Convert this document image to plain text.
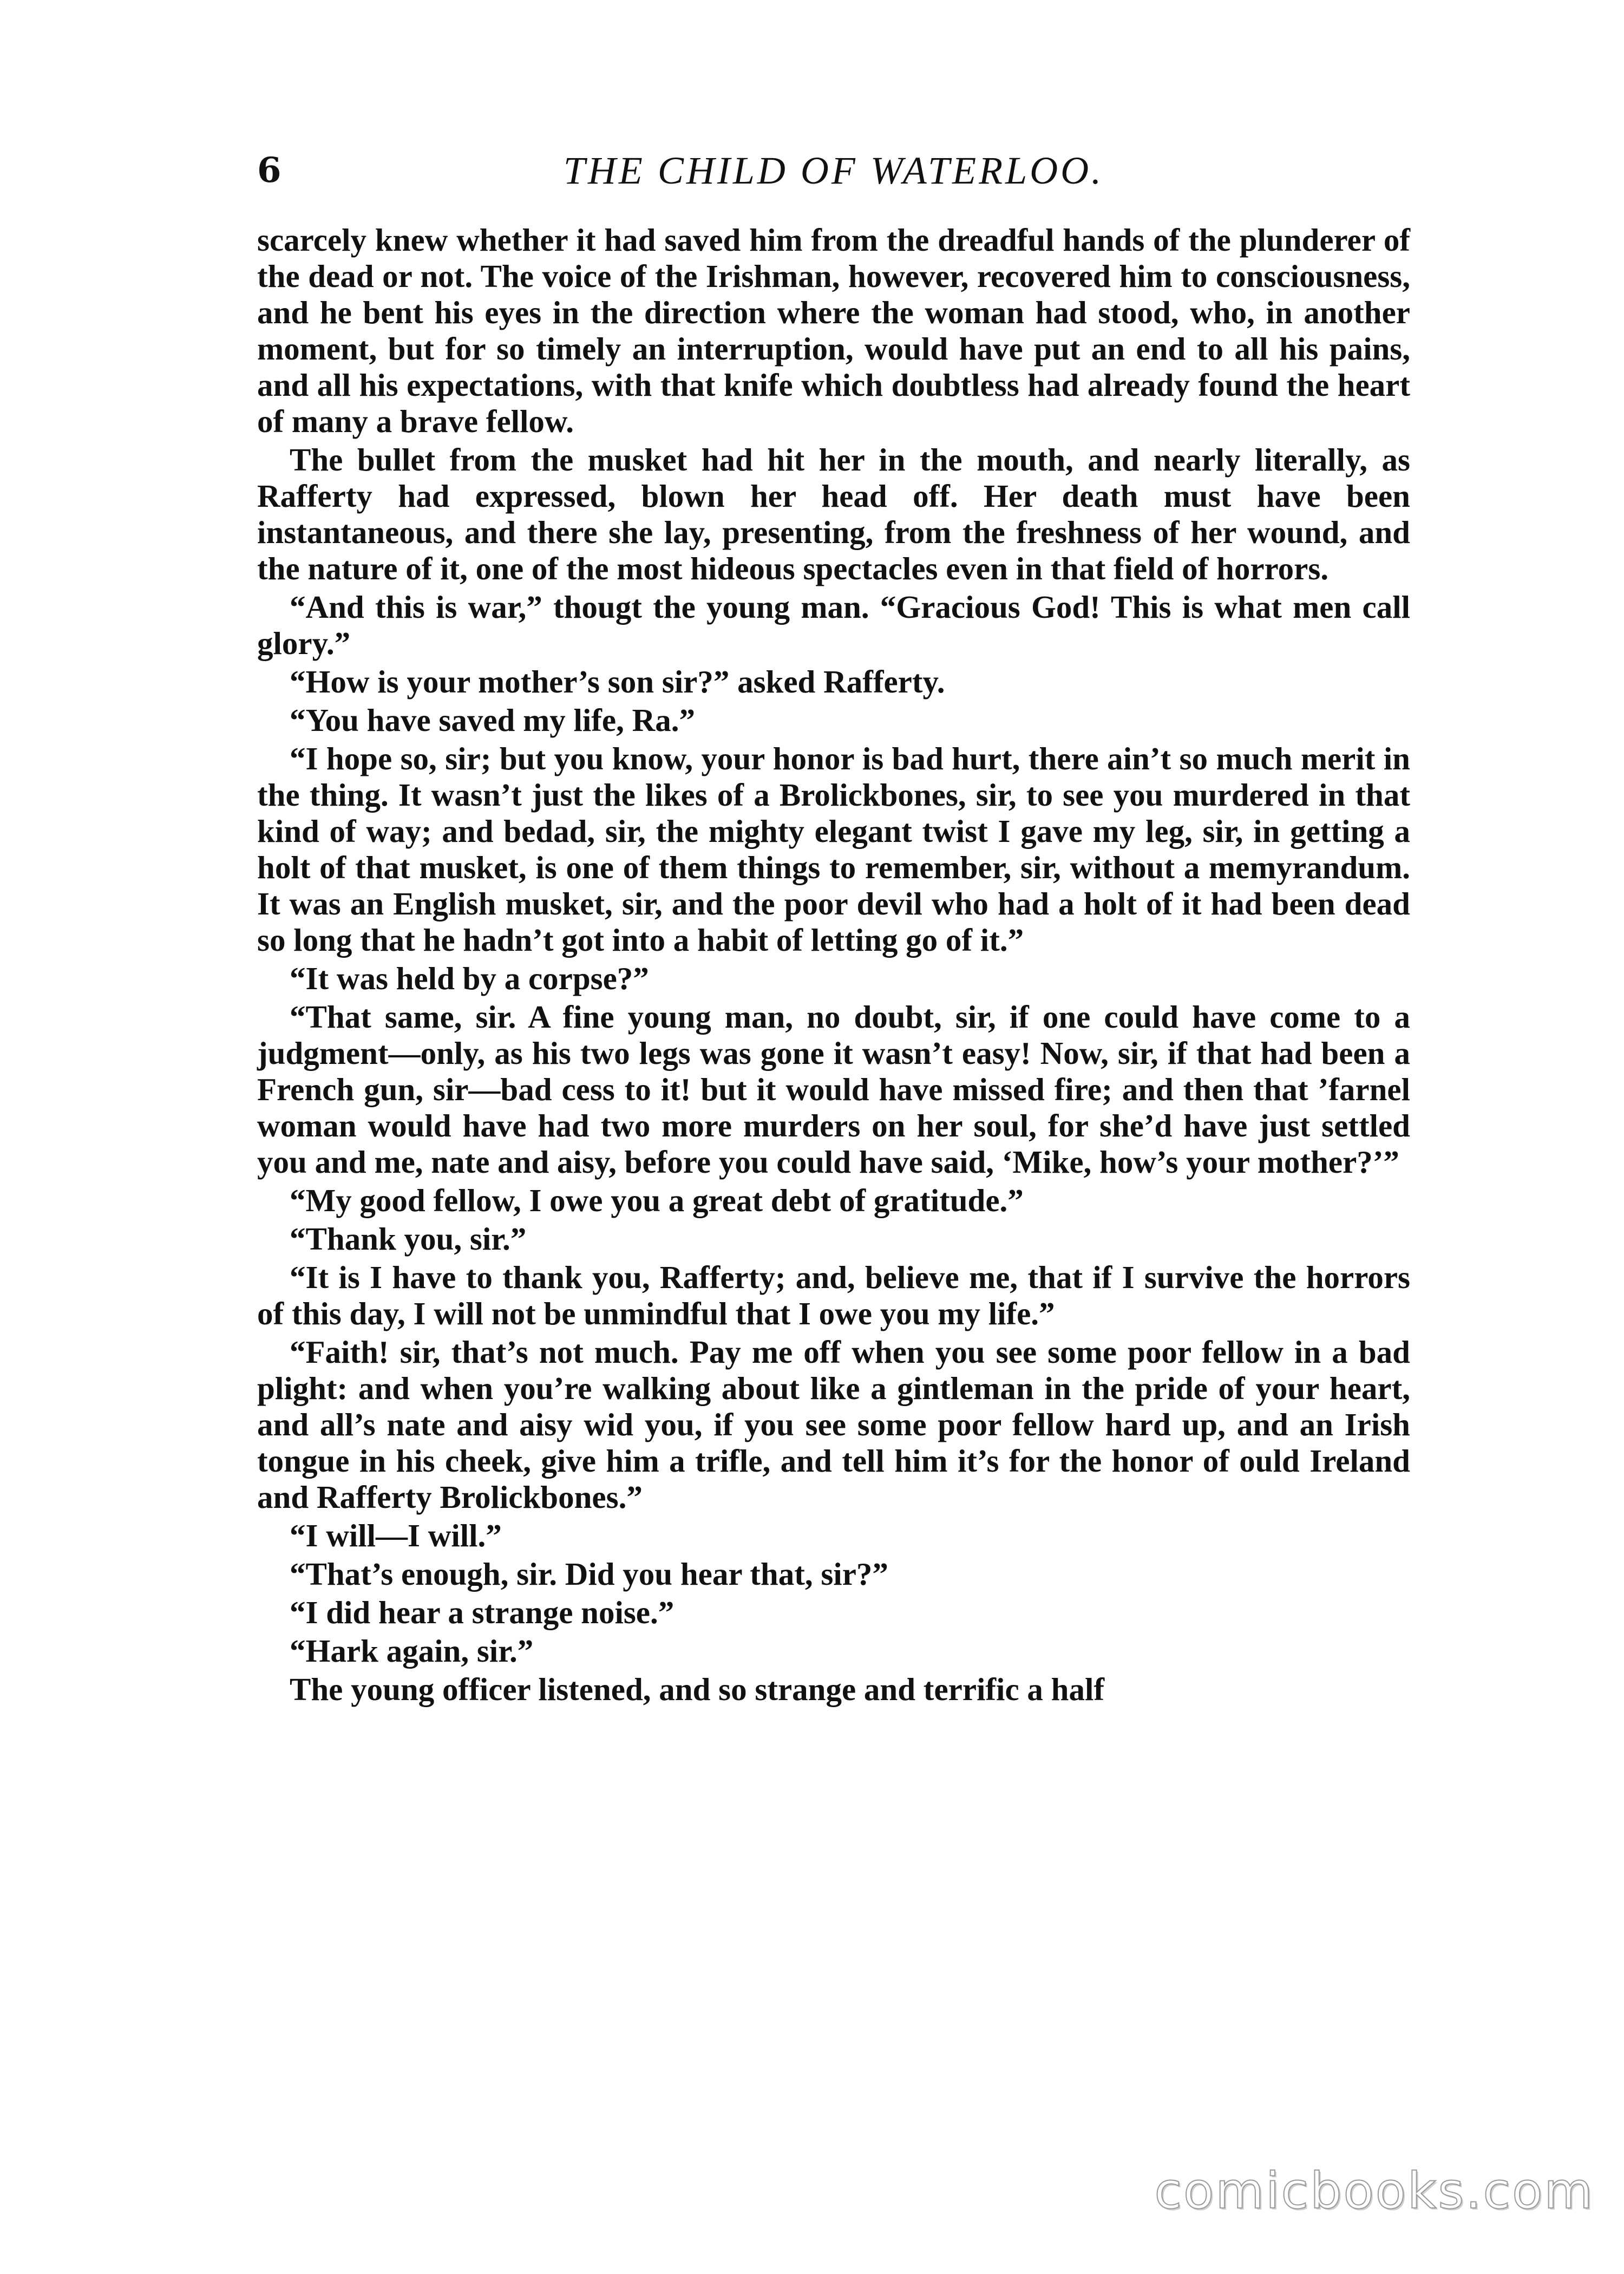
6	THE CHILD OF WATERLOO.

scarcely knew whether it had saved him from the dreadful hands of the plunderer of the dead or not. The voice of the Irishman, however, recovered him to consciousness, and he bent his eyes in the direction where the woman had stood, who, in another moment, but for so timely an interruption, would have put an end to all his pains, and all his expectations, with that knife which doubtless had already found the heart of many a brave fellow.

The bullet from the musket had hit her in the mouth, and nearly literally, as Rafferty had expressed, blown her head off. Her death must have been instantaneous, and there she lay, presenting, from the freshness of her wound, and the nature of it, one of the most hideous spectacles even in that field of horrors.

“And this is war,” thougt the young man. “Gracious God! This is what men call glory.”

“How is your mother’s son sir?” asked Rafferty.

“You have saved my life, Ra.”

“I hope so, sir; but you know, your honor is bad hurt, there ain’t so much merit in the thing. It wasn’t just the likes of a Brolickbones, sir, to see you murdered in that kind of way; and bedad, sir, the mighty elegant twist I gave my leg, sir, in getting a holt of that musket, is one of them things to remember, sir, without a memyrandum. It was an English musket, sir, and the poor devil who had a holt of it had been dead so long that he hadn’t got into a habit of letting go of it.”

“It was held by a corpse?”

“That same, sir. A fine young man, no doubt, sir, if one could have come to a judgment—only, as his two legs was gone it wasn’t easy! Now, sir, if that had been a French gun, sir—bad cess to it! but it would have missed fire; and then that ’farnel woman would have had two more murders on her soul, for she’d have just settled you and me, nate and aisy, before you could have said, ‘Mike, how’s your mother?’”

“My good fellow, I owe you a great debt of gratitude.”

“Thank you, sir.”

“It is I have to thank you, Rafferty; and, believe me, that if I survive the horrors of this day, I will not be unmindful that I owe you my life.”

“Faith! sir, that’s not much. Pay me off when you see some poor fellow in a bad plight: and when you’re walking about like a gintleman in the pride of your heart, and all’s nate and aisy wid you, if you see some poor fellow hard up, and an Irish tongue in his cheek, give him a trifle, and tell him it’s for the honor of ould Ireland and Rafferty Brolickbones.”

“I will—I will.”

“That’s enough, sir. Did you hear that, sir?”

“I did hear a strange noise.”

“Hark again, sir.”

The young officer listened, and so strange and terrific a half

comicbooks.com
